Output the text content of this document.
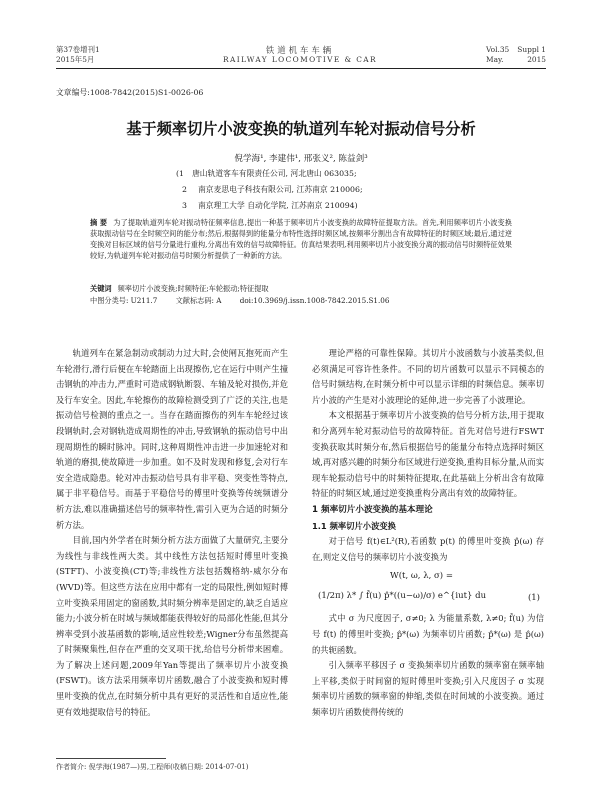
第37卷增刊1
2015年5月
铁道机车车辆
RAILWAY LOCOMOTIVE & CAR
Vol.35 Suppl 1
May.	2015
文章编号:1008-7842(2015)S1-0026-06
基于频率切片小波变换的轨道列车轮对振动信号分析
倪学海¹, 李建伟¹, 邢张义², 陈益剑³
(1 唐山轨道客车有限责任公司, 河北唐山 063035;
2 南京麦思电子科技有限公司, 江苏南京 210006;
3 南京理工大学 自动化学院, 江苏南京 210094)
摘 要 为了提取轨道列车轮对振动特征频率信息,提出一种基于频率切片小波变换的故障特征提取方法。首先,利用频率切片小波变换获取振动信号在全时频空间的能分布;然后,根据得到的能量分布特性选择时频区域,按频率分割出含有故障特征的时频区域;最后,通过逆变换对目标区域的信号分量进行重构,分离出有效的信号故障特征。仿真结果表明,利用频率切片小波变换分离的振动信号时频特征效果较好,为轨道列车轮对振动信号时频分析提供了一种新的方法。
关键词 频率切片小波变换;时频特征;车轮振动;特征提取
中图分类号: U211.7	文献标志码: A	doi:10.3969/j.issn.1008-7842.2015.S1.06

轨道列车在紧急制动或制动力过大时,会使闸瓦抱死而产生车轮滑行,滑行后便在车轮踏面上出现擦伤,它在运行中则产生撞击钢轨的冲击力,严重时可造成钢轨断裂、车轴及轮对损伤,并危及行车安全。因此,车轮擦伤的故障检测受到了广泛的关注,也是振动信号检测的重点之一。当存在踏面擦伤的列车车轮经过该段钢轨时,会对钢轨造成周期性的冲击,导致钢轨的振动信号中出现周期性的瞬时脉冲。同时,这种周期性冲击进一步加速轮对和轨道的磨损,使故障进一步加重。如不及时发现和修复,会对行车安全造成隐患。轮对冲击振动信号具有非平稳、突变性等特点,属于非平稳信号。而基于平稳信号的傅里叶变换等传统频谱分析方法,难以准确描述信号的频率特性,需引入更为合适的时频分析方法。

目前,国内外学者在时频分析方法方面做了大量研究,主要分为线性与非线性两大类。其中线性方法包括短时傅里叶变换(STFT)、小波变换(CT)等;非线性方法包括魏格纳-威尔分布(WVD)等。但这些方法在应用中都有一定的局限性,例如短时傅立叶变换采用固定的窗函数,其时频分辨率是固定的,缺乏自适应能力;小波分析在时域与频域都能获得较好的局部化性能,但其分辨率受到小波基函数的影响,适应性较差;Wigner分布虽然提高了时频聚集性,但存在严重的交叉项干扰,给信号分析带来困难。为了解决上述问题,2009年Yan等提出了频率切片小波变换(FSWT)。该方法采用频率切片函数,融合了小波变换和短时傅里叶变换的优点,在时频分析中具有更好的灵活性和自适应性,能更有效地提取信号的特征。

理论严格的可靠性保障。其切片小波函数与小波基类似,但必须满足可容许性条件。不同的切片函数可以显示不同模态的信号时频结构,在时频分析中可以显示详细的时频信息。频率切片小波的产生是对小波理论的延伸,进一步完善了小波理论。

本文根据基于频率切片小波变换的信号分析方法,用于提取和分离列车轮对振动信号的故障特征。首先对信号进行FSWT变换获取其时频分布,然后根据信号的能量分布特点选择时频区域,再对感兴趣的时频分布区域进行逆变换,重构目标分量,从而实现车轮振动信号中的时频特征提取,在此基础上分析出含有故障特征的时频区域,通过逆变换重构分离出有效的故障特征。

1 频率切片小波变换的基本理论
1.1 频率切片小波变换

对于信号 f(t)∈L²(R),若函数 p(t) 的傅里叶变换 p̂(ω) 存在,则定义信号的频率切片小波变换为

W(t, ω, λ, σ) =
(1/2π) λ* ∫ f̂(u) p̂*((u−ω)/σ) e^{iut} du	(1)

式中 σ 为尺度因子, σ≠0; λ 为能量系数, λ≠0; f̂(u) 为信号 f(t) 的傅里叶变换; p̂*(ω) 为频率切片函数; p̂*(ω) 是 p̂(ω) 的共轭函数。

引入频率平移因子 σ 变换频率切片函数的频率窗在频率轴上平移,类似于时间窗的短时傅里叶变换;引入尺度因子 σ 实现频率切片函数的频率窗的伸缩,类似在时间域的小波变换。通过频率切片函数使得传统的

作者简介: 倪学海(1987—)男,工程师(收稿日期: 2014-07-01)
